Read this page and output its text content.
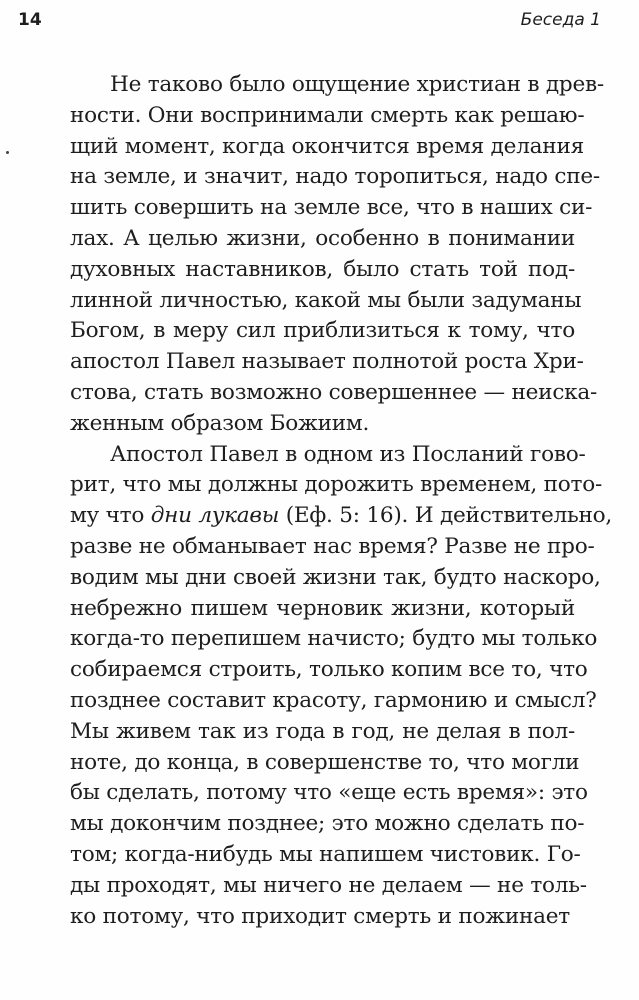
14	Беседа 1
Не таково было ощущение христиан в древ-
ности. Они воспринимали смерть как решаю-
щий момент, когда окончится время делания
на земле, и значит, надо торопиться, надо спе-
шить совершить на земле все, что в наших си-
лах. А целью жизни, особенно в понимании
духовных наставников, было стать той под-
линной личностью, какой мы были задуманы
Богом, в меру сил приблизиться к тому, что
апостол Павел называет полнотой роста Хри-
стова, стать возможно совершеннее — неиска-
женным образом Божиим.
Апостол Павел в одном из Посланий гово-
рит, что мы должны дорожить временем, пото-
му что дни лукавы (Еф. 5: 16). И действительно,
разве не обманывает нас время? Разве не про-
водим мы дни своей жизни так, будто наскоро,
небрежно пишем черновик жизни, который
когда-то перепишем начисто; будто мы только
собираемся строить, только копим все то, что
позднее составит красоту, гармонию и смысл?
Мы живем так из года в год, не делая в пол-
ноте, до конца, в совершенстве то, что могли
бы сделать, потому что «еще есть время»: это
мы докончим позднее; это можно сделать по-
том; когда-нибудь мы напишем чистовик. Го-
ды проходят, мы ничего не делаем — не толь-
ко потому, что приходит смерть и пожинает
